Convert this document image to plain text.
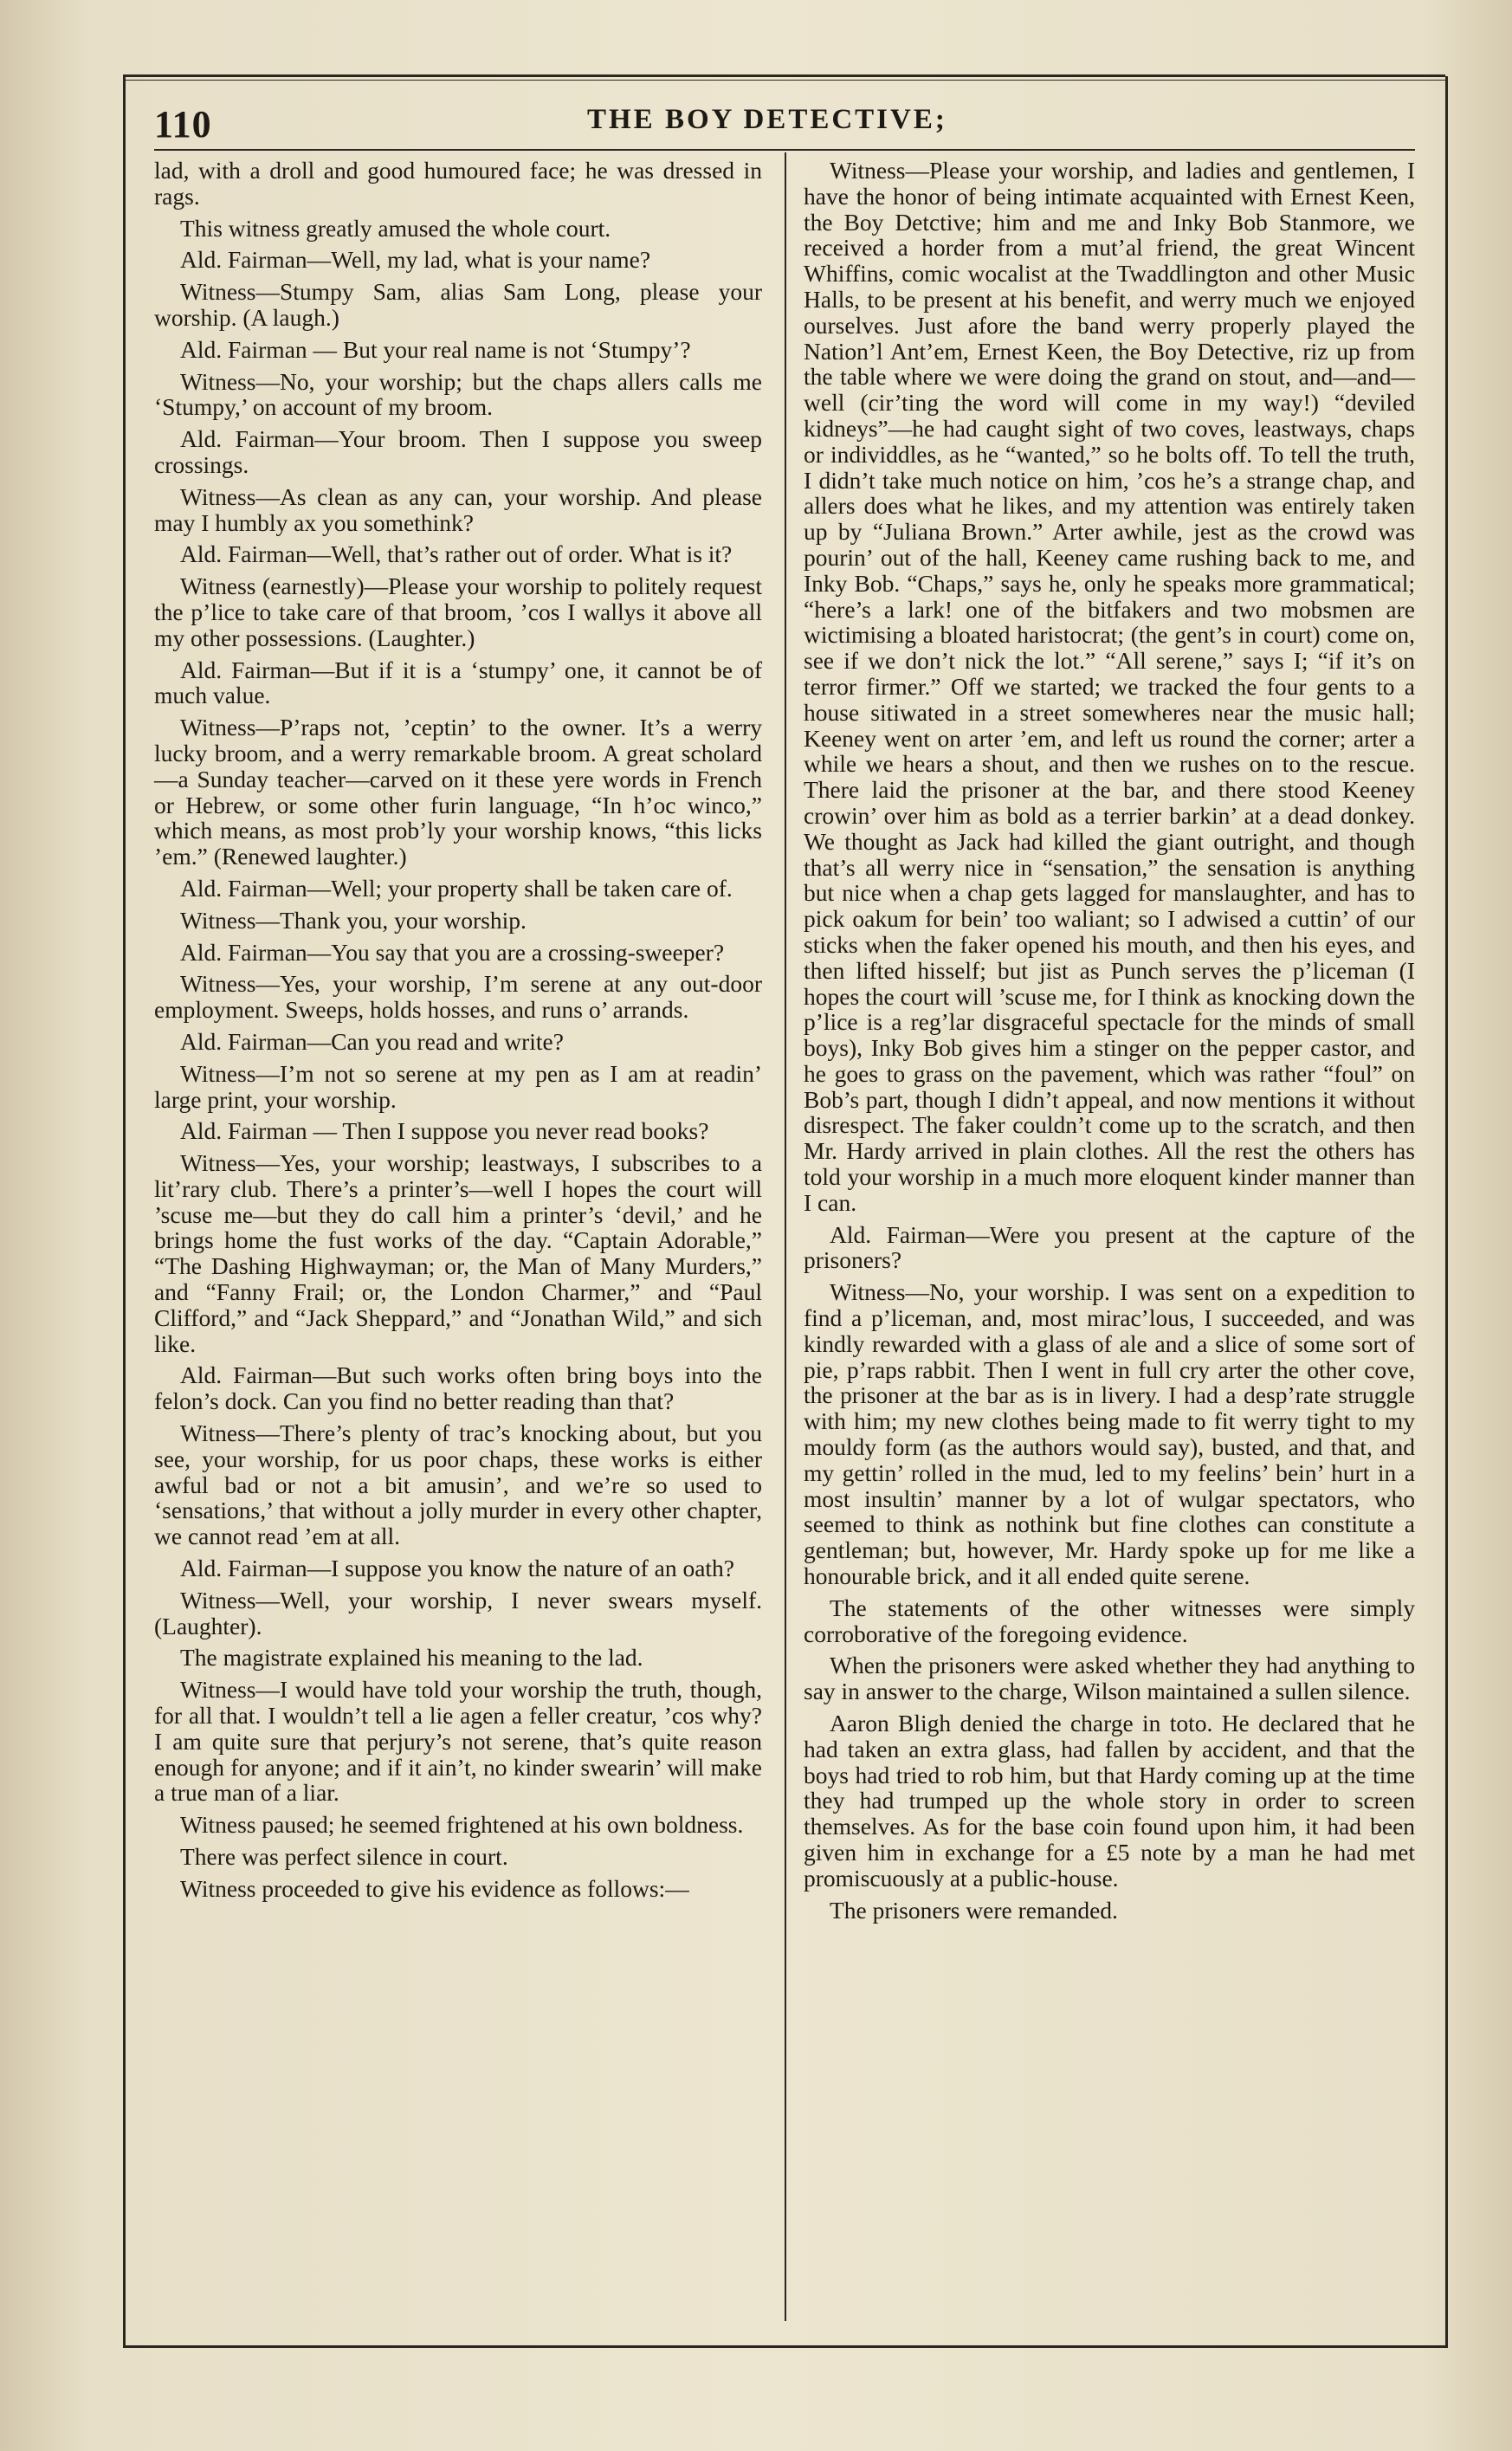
110	THE BOY DETECTIVE;

lad, with a droll and good humoured face; he was dressed in rags.

This witness greatly amused the whole court.

Ald. Fairman—Well, my lad, what is your name?

Witness—Stumpy Sam, alias Sam Long, please your worship. (A laugh.)

Ald. Fairman — But your real name is not ‘Stumpy’?

Witness—No, your worship; but the chaps allers calls me ‘Stumpy,’ on account of my broom.

Ald. Fairman—Your broom. Then I suppose you sweep crossings.

Witness—As clean as any can, your worship. And please may I humbly ax you somethink?

Ald. Fairman—Well, that’s rather out of order. What is it?

Witness (earnestly)—Please your worship to politely request the p’lice to take care of that broom, ’cos I wallys it above all my other possessions. (Laughter.)

Ald. Fairman—But if it is a ‘stumpy’ one, it cannot be of much value.

Witness—P’raps not, ’ceptin’ to the owner. It’s a werry lucky broom, and a werry remarkable broom. A great scholard—a Sunday teacher—carved on it these yere words in French or Hebrew, or some other furin language, “In h’oc winco,” which means, as most prob’ly your worship knows, “this licks ’em.” (Renewed laughter.)

Ald. Fairman—Well; your property shall be taken care of.

Witness—Thank you, your worship.

Ald. Fairman—You say that you are a crossing-sweeper?

Witness—Yes, your worship, I’m serene at any out-door employment. Sweeps, holds hosses, and runs o’ arrands.

Ald. Fairman—Can you read and write?

Witness—I’m not so serene at my pen as I am at readin’ large print, your worship.

Ald. Fairman — Then I suppose you never read books?

Witness—Yes, your worship; leastways, I subscribes to a lit’rary club. There’s a printer’s—well I hopes the court will ’scuse me—but they do call him a printer’s ‘devil,’ and he brings home the fust works of the day. “Captain Adorable,” “The Dashing Highwayman; or, the Man of Many Murders,” and “Fanny Frail; or, the London Charmer,” and “Paul Clifford,” and “Jack Sheppard,” and “Jonathan Wild,” and sich like.

Ald. Fairman—But such works often bring boys into the felon’s dock. Can you find no better reading than that?

Witness—There’s plenty of trac’s knocking about, but you see, your worship, for us poor chaps, these works is either awful bad or not a bit amusin’, and we’re so used to ‘sensations,’ that without a jolly murder in every other chapter, we cannot read ’em at all.

Ald. Fairman—I suppose you know the nature of an oath?

Witness—Well, your worship, I never swears myself. (Laughter).

The magistrate explained his meaning to the lad.

Witness—I would have told your worship the truth, though, for all that. I wouldn’t tell a lie agen a feller creatur, ’cos why? I am quite sure that perjury’s not serene, that’s quite reason enough for anyone; and if it ain’t, no kinder swearin’ will make a true man of a liar.

Witness paused; he seemed frightened at his own boldness.

There was perfect silence in court.

Witness proceeded to give his evidence as follows:—

Witness—Please your worship, and ladies and gentlemen, I have the honor of being intimate acquainted with Ernest Keen, the Boy Detctive; him and me and Inky Bob Stanmore, we received a horder from a mut’al friend, the great Wincent Whiffins, comic wocalist at the Twaddlington and other Music Halls, to be present at his benefit, and werry much we enjoyed ourselves. Just afore the band werry properly played the Nation’l Ant’em, Ernest Keen, the Boy Detective, riz up from the table where we were doing the grand on stout, and—and—well (cir’ting the word will come in my way!) “deviled kidneys”—he had caught sight of two coves, leastways, chaps or individdles, as he “wanted,” so he bolts off. To tell the truth, I didn’t take much notice on him, ’cos he’s a strange chap, and allers does what he likes, and my attention was entirely taken up by “Juliana Brown.” Arter awhile, jest as the crowd was pourin’ out of the hall, Keeney came rushing back to me, and Inky Bob. “Chaps,” says he, only he speaks more grammatical; “here’s a lark! one of the bitfakers and two mobsmen are wictimising a bloated haristocrat; (the gent’s in court) come on, see if we don’t nick the lot.” “All serene,” says I; “if it’s on terror firmer.” Off we started; we tracked the four gents to a house sitiwated in a street somewheres near the music hall; Keeney went on arter ’em, and left us round the corner; arter a while we hears a shout, and then we rushes on to the rescue. There laid the prisoner at the bar, and there stood Keeney crowin’ over him as bold as a terrier barkin’ at a dead donkey. We thought as Jack had killed the giant outright, and though that’s all werry nice in “sensation,” the sensation is anything but nice when a chap gets lagged for manslaughter, and has to pick oakum for bein’ too waliant; so I adwised a cuttin’ of our sticks when the faker opened his mouth, and then his eyes, and then lifted hisself; but jist as Punch serves the p’liceman (I hopes the court will ’scuse me, for I think as knocking down the p’lice is a reg’lar disgraceful spectacle for the minds of small boys), Inky Bob gives him a stinger on the pepper castor, and he goes to grass on the pavement, which was rather “foul” on Bob’s part, though I didn’t appeal, and now mentions it without disrespect. The faker couldn’t come up to the scratch, and then Mr. Hardy arrived in plain clothes. All the rest the others has told your worship in a much more eloquent kinder manner than I can.

Ald. Fairman—Were you present at the capture of the prisoners?

Witness—No, your worship. I was sent on a expedition to find a p’liceman, and, most mirac’lous, I succeeded, and was kindly rewarded with a glass of ale and a slice of some sort of pie, p’raps rabbit. Then I went in full cry arter the other cove, the prisoner at the bar as is in livery. I had a desp’rate struggle with him; my new clothes being made to fit werry tight to my mouldy form (as the authors would say), busted, and that, and my gettin’ rolled in the mud, led to my feelins’ bein’ hurt in a most insultin’ manner by a lot of wulgar spectators, who seemed to think as nothink but fine clothes can constitute a gentleman; but, however, Mr. Hardy spoke up for me like a honourable brick, and it all ended quite serene.

The statements of the other witnesses were simply corroborative of the foregoing evidence.

When the prisoners were asked whether they had anything to say in answer to the charge, Wilson maintained a sullen silence.

Aaron Bligh denied the charge in toto. He declared that he had taken an extra glass, had fallen by accident, and that the boys had tried to rob him, but that Hardy coming up at the time they had trumped up the whole story in order to screen themselves. As for the base coin found upon him, it had been given him in exchange for a £5 note by a man he had met promiscuously at a public-house.

The prisoners were remanded.
